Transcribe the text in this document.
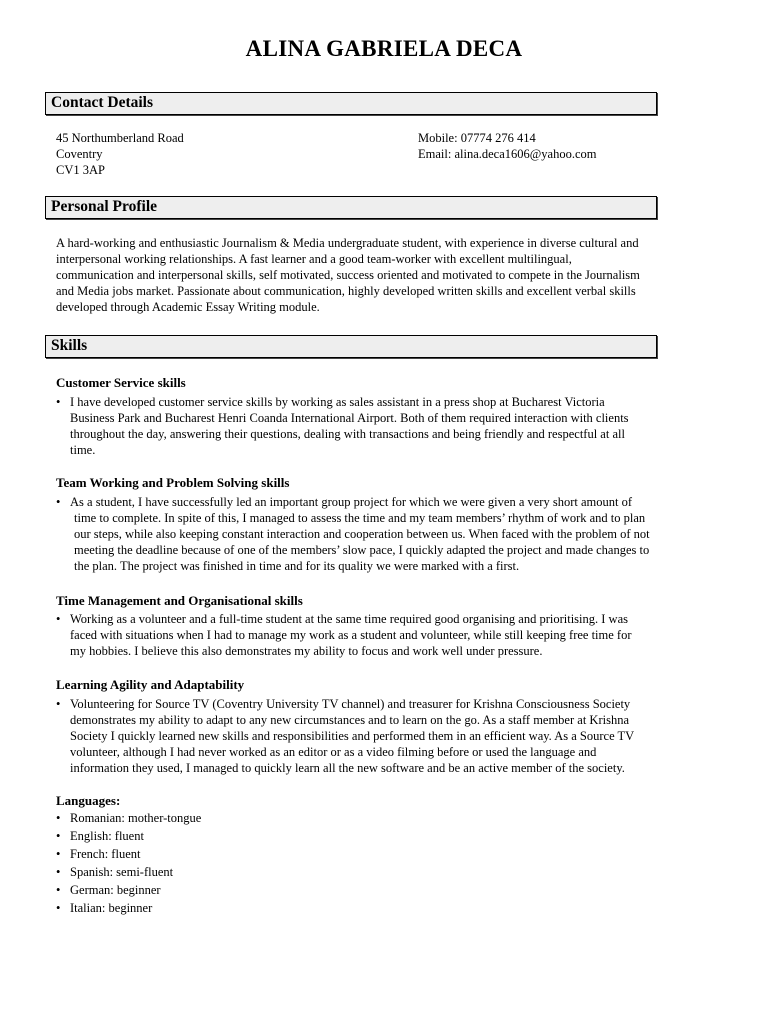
ALINA GABRIELA DECA
Contact Details
45 Northumberland Road
Coventry
CV1 3AP
Mobile: 07774 276 414
Email: alina.deca1606@yahoo.com
Personal Profile
A hard-working and enthusiastic Journalism & Media undergraduate student, with experience in diverse cultural and
interpersonal working relationships. A fast learner and a good team-worker with excellent multilingual,
communication and interpersonal skills, self motivated, success oriented and motivated to compete in the Journalism
and Media jobs market. Passionate about communication, highly developed written skills and excellent verbal skills
developed through Academic Essay Writing module.
Skills
Customer Service skills
• I have developed customer service skills by working as sales assistant in a press shop at Bucharest Victoria
Business Park and Bucharest Henri Coanda International Airport. Both of them required interaction with clients
throughout the day, answering their questions, dealing with transactions and being friendly and respectful at all
time.
Team Working and Problem Solving skills
• As a student, I have successfully led an important group project for which we were given a very short amount of
time to complete. In spite of this, I managed to assess the time and my team members’ rhythm of work and to plan
our steps, while also keeping constant interaction and cooperation between us. When faced with the problem of not
meeting the deadline because of one of the members’ slow pace, I quickly adapted the project and made changes to
the plan. The project was finished in time and for its quality we were marked with a first.
Time Management and Organisational skills
• Working as a volunteer and a full-time student at the same time required good organising and prioritising. I was
faced with situations when I had to manage my work as a student and volunteer, while still keeping free time for
my hobbies. I believe this also demonstrates my ability to focus and work well under pressure.
Learning Agility and Adaptability
• Volunteering for Source TV (Coventry University TV channel) and treasurer for Krishna Consciousness Society
demonstrates my ability to adapt to any new circumstances and to learn on the go. As a staff member at Krishna
Society I quickly learned new skills and responsibilities and performed them in an efficient way. As a Source TV
volunteer, although I had never worked as an editor or as a video filming before or used the language and
information they used, I managed to quickly learn all the new software and be an active member of the society.
Languages:
• Romanian: mother-tongue
• English: fluent
• French: fluent
• Spanish: semi-fluent
• German: beginner
• Italian: beginner
